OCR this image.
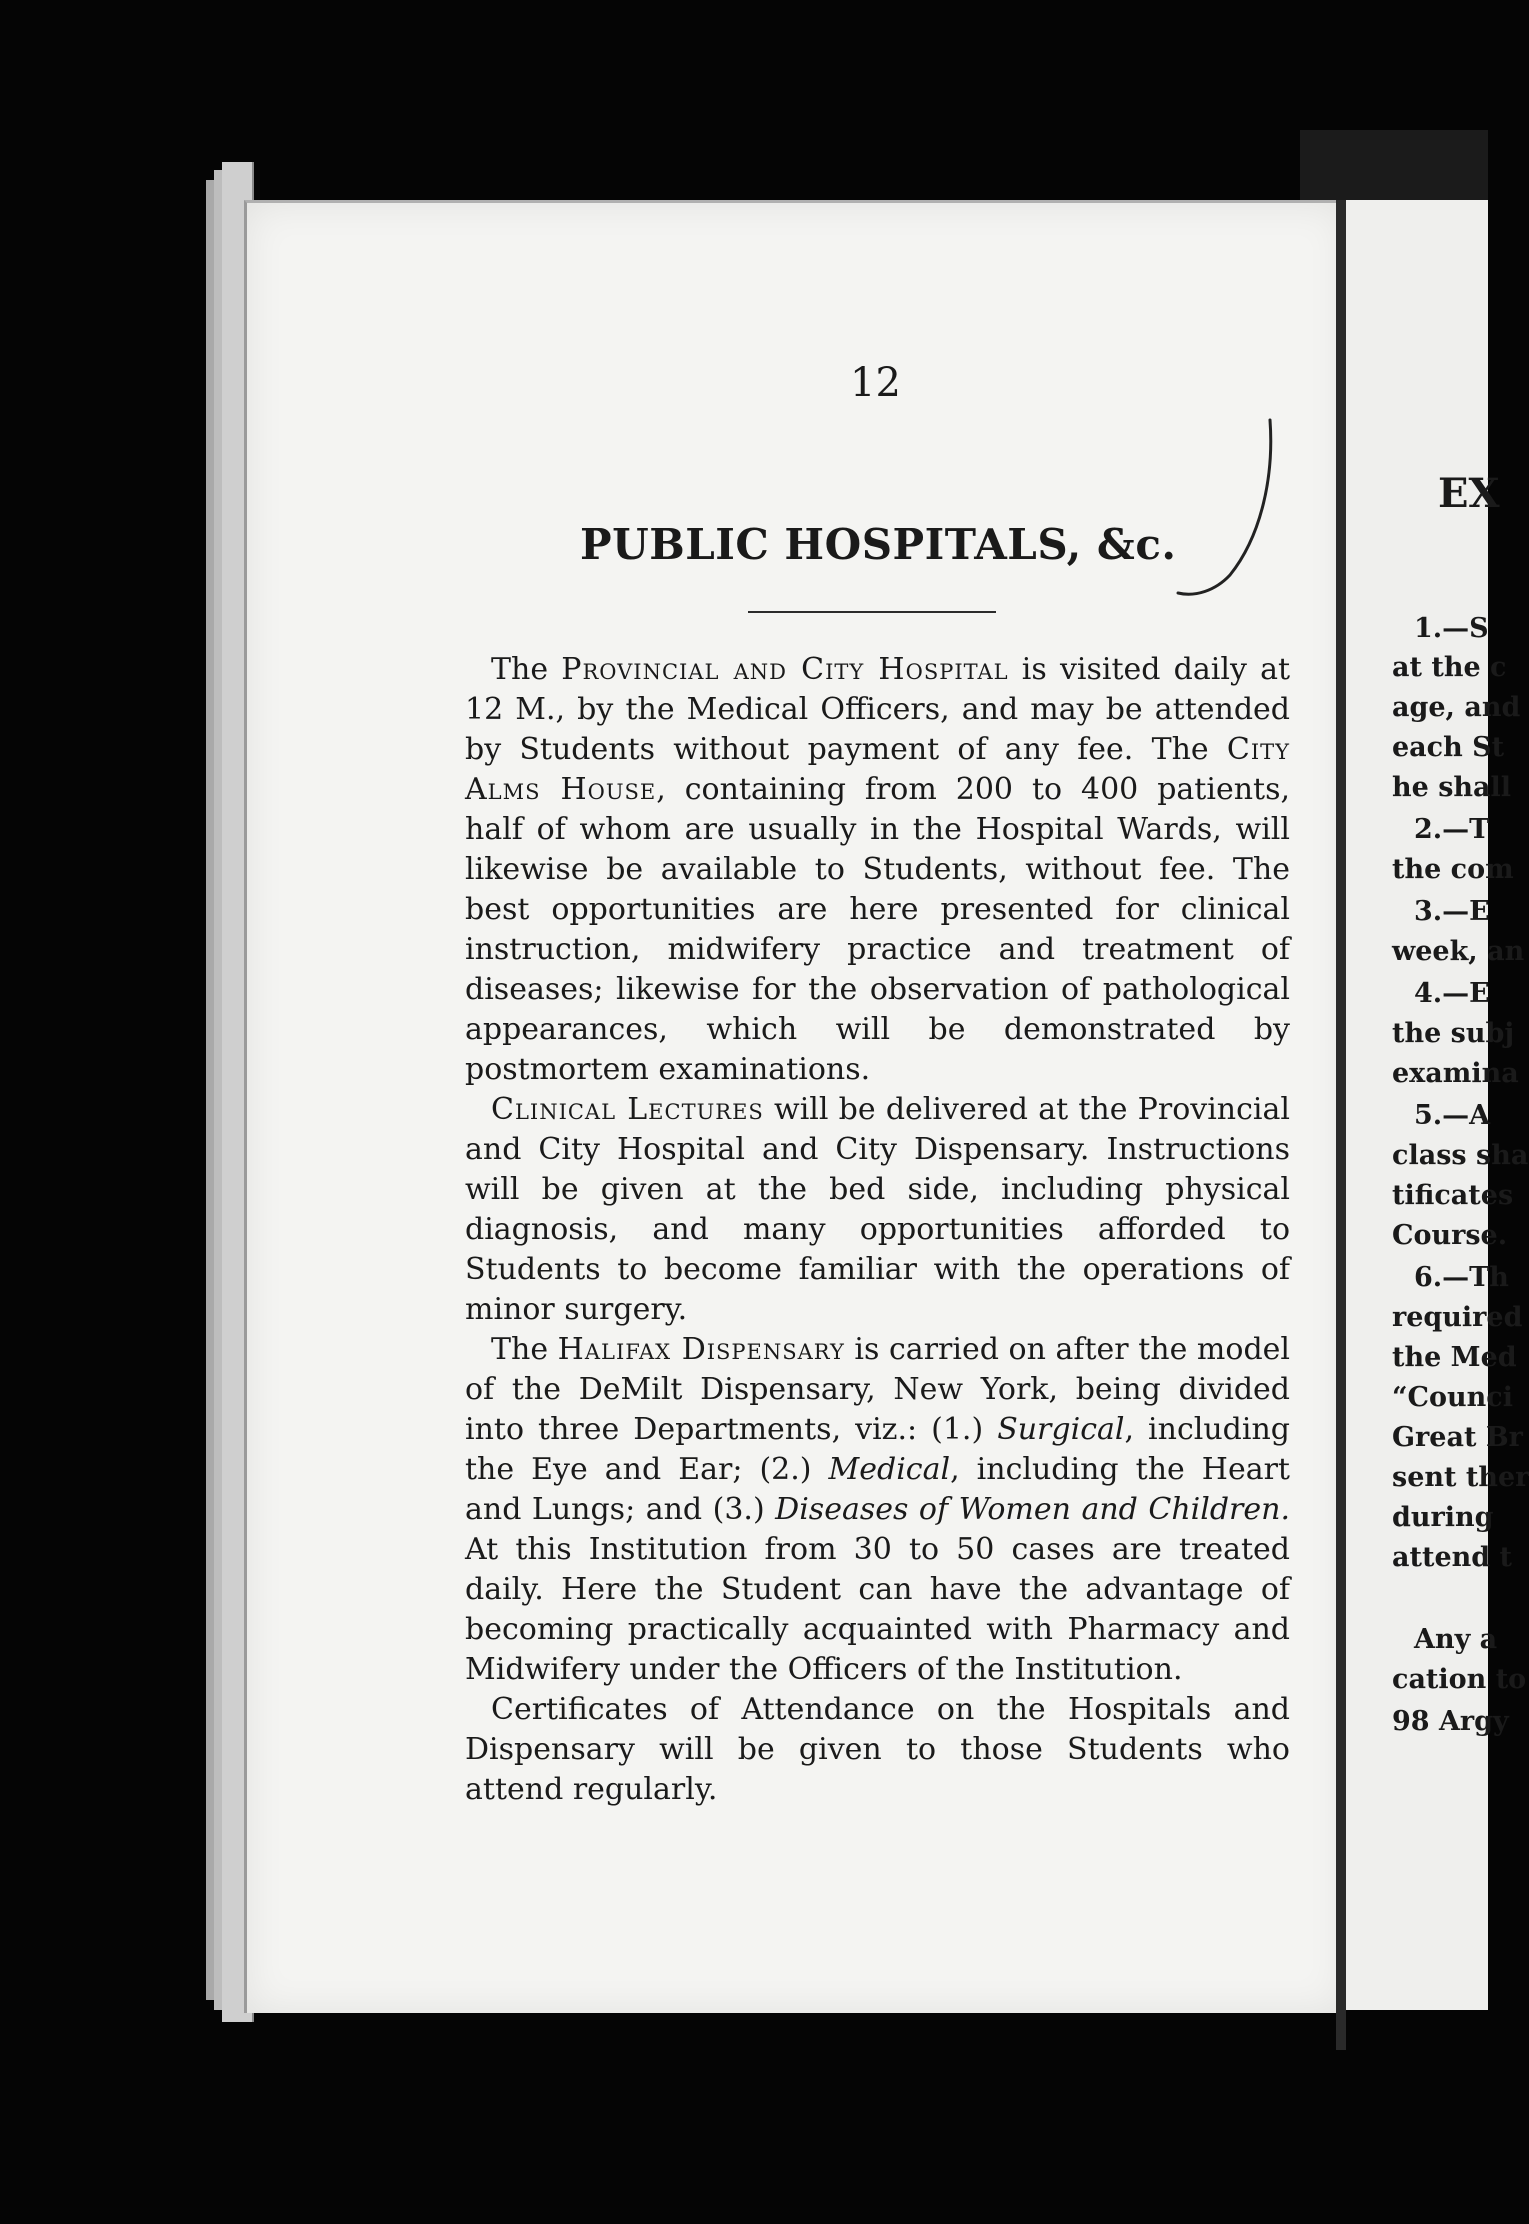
12
PUBLIC HOSPITALS, &c.

The Provincial and City Hospital is visited daily at 12 M., by the Medical Officers, and may be attended by Students without payment of any fee. The City Alms House, containing from 200 to 400 patients, half of whom are usually in the Hospital Wards, will likewise be available to Students, without fee. The best opportunities are here presented for clinical instruction, midwifery practice and treatment of diseases; likewise for the observation of pathological appearances, which will be demonstrated by postmortem examinations.

Clinical Lectures will be delivered at the Provincial and City Hospital and City Dispensary. Instructions will be given at the bed side, including physical diagnosis, and many opportunities afforded to Students to become familiar with the operations of minor surgery.

The Halifax Dispensary is carried on after the model of the DeMilt Dispensary, New York, being divided into three Departments, viz.: (1.) Surgical, including the Eye and Ear; (2.) Medical, including the Heart and Lungs; and (3.) Diseases of Women and Children. At this Institution from 30 to 50 cases are treated daily. Here the Student can have the advantage of becoming practically acquainted with Pharmacy and Midwifery under the Officers of the Institution.

Certificates of Attendance on the Hospitals and Dispensary will be given to those Students who attend regularly.

EX
1.—S
at the c
age, and
each St
he shall
2.—T
the com
3.—E
week, an
4.—E
the subj
examina
5.—A
class sha
tificates
Course.
6.—Th
required
the Med
“Counci
Great Br
sent ther
during
attend t
Any a
cation to
98 Argy
